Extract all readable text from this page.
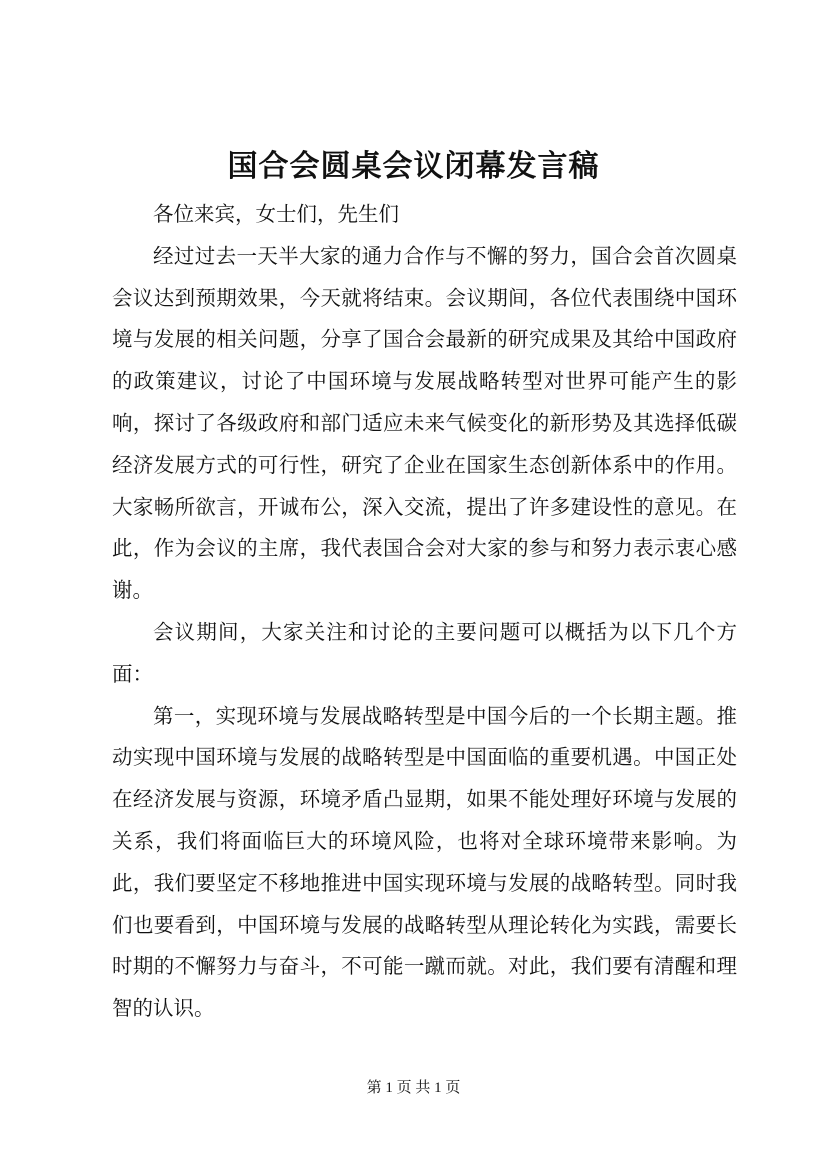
国合会圆桌会议闭幕发言稿

各位来宾，女士们，先生们

经过过去一天半大家的通力合作与不懈的努力，国合会首次圆桌会议达到预期效果，今天就将结束。会议期间，各位代表围绕中国环境与发展的相关问题，分享了国合会最新的研究成果及其给中国政府的政策建议，讨论了中国环境与发展战略转型对世界可能产生的影响，探讨了各级政府和部门适应未来气候变化的新形势及其选择低碳经济发展方式的可行性，研究了企业在国家生态创新体系中的作用。大家畅所欲言，开诚布公，深入交流，提出了许多建设性的意见。在此，作为会议的主席，我代表国合会对大家的参与和努力表示衷心感谢。

会议期间，大家关注和讨论的主要问题可以概括为以下几个方面：

第一，实现环境与发展战略转型是中国今后的一个长期主题。推动实现中国环境与发展的战略转型是中国面临的重要机遇。中国正处在经济发展与资源，环境矛盾凸显期，如果不能处理好环境与发展的关系，我们将面临巨大的环境风险，也将对全球环境带来影响。为此，我们要坚定不移地推进中国实现环境与发展的战略转型。同时我们也要看到，中国环境与发展的战略转型从理论转化为实践，需要长时期的不懈努力与奋斗，不可能一蹴而就。对此，我们要有清醒和理智的认识。

第 1 页 共 1 页
